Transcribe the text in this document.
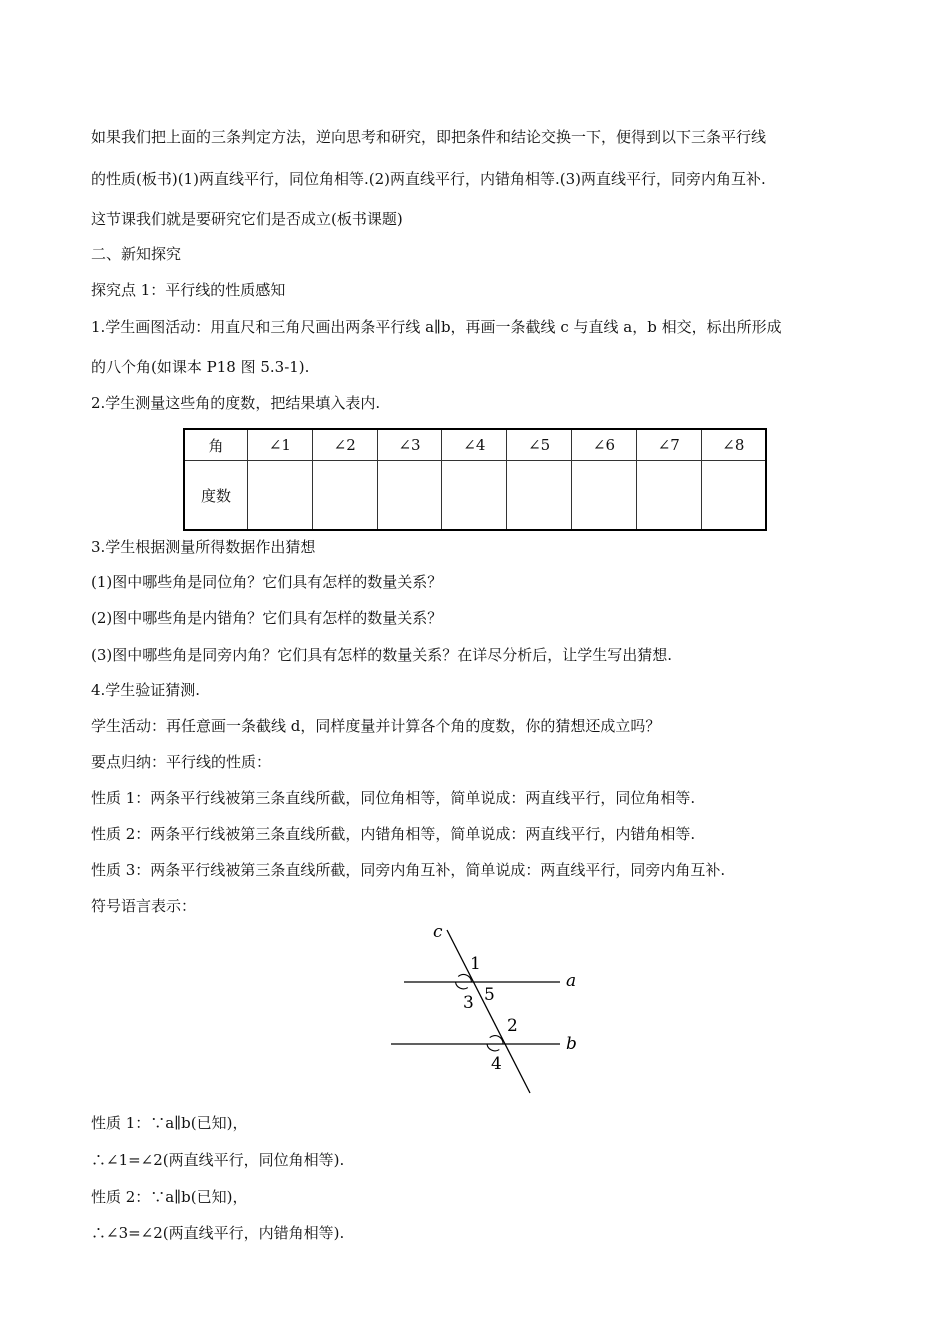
如果我们把上面的三条判定方法，逆向思考和研究，即把条件和结论交换一下，便得到以下三条平行线
的性质(板书)(1)两直线平行，同位角相等.(2)两直线平行，内错角相等.(3)两直线平行，同旁内角互补.
这节课我们就是要研究它们是否成立(板书课题)
二、新知探究
探究点 1：平行线的性质感知
1.学生画图活动：用直尺和三角尺画出两条平行线 a∥b，再画一条截线 c 与直线 a，b 相交，标出所形成
的八个角(如课本 P18 图 5.3-1).
2.学生测量这些角的度数，把结果填入表内.
角	∠1	∠2	∠3	∠4	∠5	∠6	∠7	∠8
度数								
3.学生根据测量所得数据作出猜想
(1)图中哪些角是同位角？它们具有怎样的数量关系？
(2)图中哪些角是内错角？它们具有怎样的数量关系？
(3)图中哪些角是同旁内角？它们具有怎样的数量关系？在详尽分析后，让学生写出猜想.
4.学生验证猜测.
学生活动：再任意画一条截线 d，同样度量并计算各个角的度数，你的猜想还成立吗？
要点归纳：平行线的性质：
性质 1：两条平行线被第三条直线所截，同位角相等，简单说成：两直线平行，同位角相等.
性质 2：两条平行线被第三条直线所截，内错角相等，简单说成：两直线平行，内错角相等.
性质 3：两条平行线被第三条直线所截，同旁内角互补，简单说成：两直线平行，同旁内角互补.
符号语言表示：
c
a
b
1
5
3
2
4
性质 1：∵a∥b(已知)，
∴∠1=∠2(两直线平行，同位角相等).
性质 2：∵a∥b(已知)，
∴∠3=∠2(两直线平行，内错角相等).
